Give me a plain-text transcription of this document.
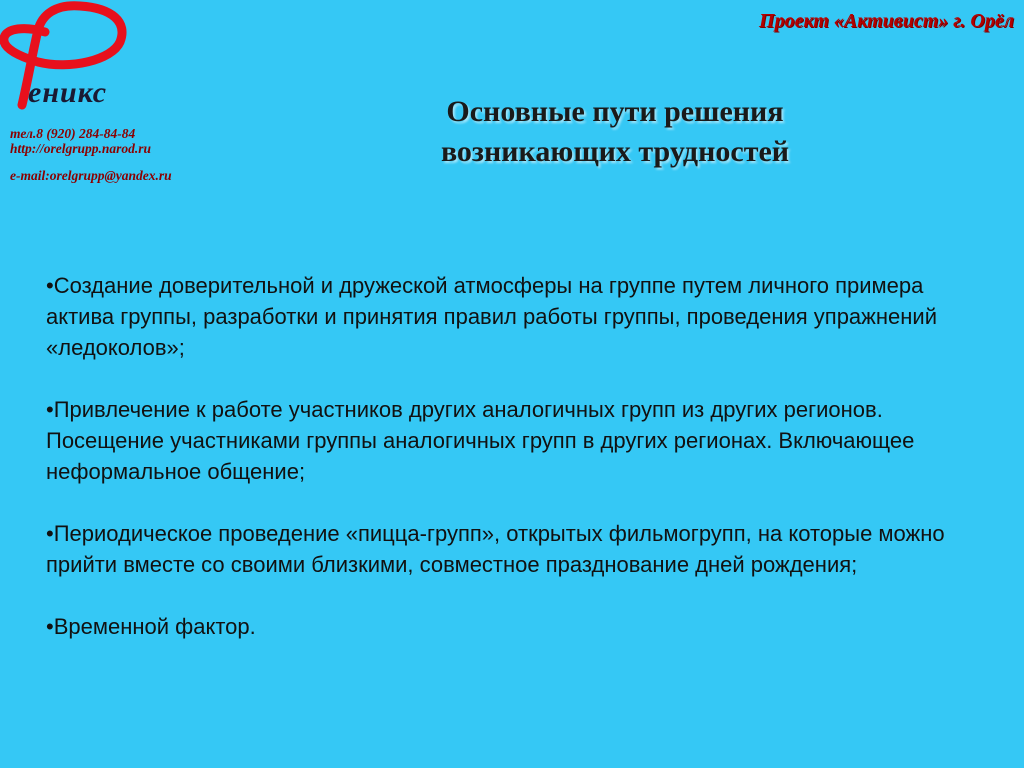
еникс
Проект «Активист» г. Орёл
тел.8 (920) 284-84-84
http://orelgrupp.narod.ru
e-mail:orelgrupp@yandex.ru
Основные пути решения
возникающих трудностей
•Создание доверительной и дружеской атмосферы на группе путем личного примера актива группы, разработки и принятия правил работы группы, проведения упражнений «ледоколов»;
•Привлечение к работе участников других аналогичных групп из других регионов. Посещение участниками группы аналогичных групп в других регионах. Включающее неформальное общение;
•Периодическое проведение «пицца-групп», открытых фильмогрупп, на которые можно прийти вместе со своими близкими, совместное празднование дней рождения;
•Временной фактор.
